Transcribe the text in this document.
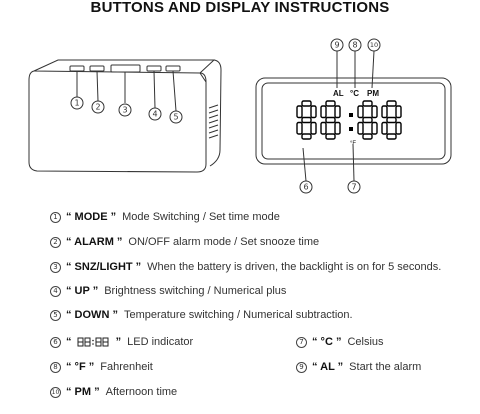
BUTTONS AND DISPLAY INSTRUCTIONS
1 2	3	4 5
AL °C PM
°F
9 8 10
6	7
1 “ MODE ” Mode Switching / Set time mode
2 “ ALARM ” ON/OFF alarm mode / Set snooze time
3 “ SNZ/LIGHT ” When the battery is driven, the backlight is on for 5 seconds.
4 “ UP ” Brightness switching / Numerical plus
5 “ DOWN ” Temperature switching / Numerical subtraction.
6 “	” LED indicator	7 “ °C ” Celsius
8 “ °F ” Fahrenheit	9 “ AL ” Start the alarm
10 “ PM ” Afternoon time
